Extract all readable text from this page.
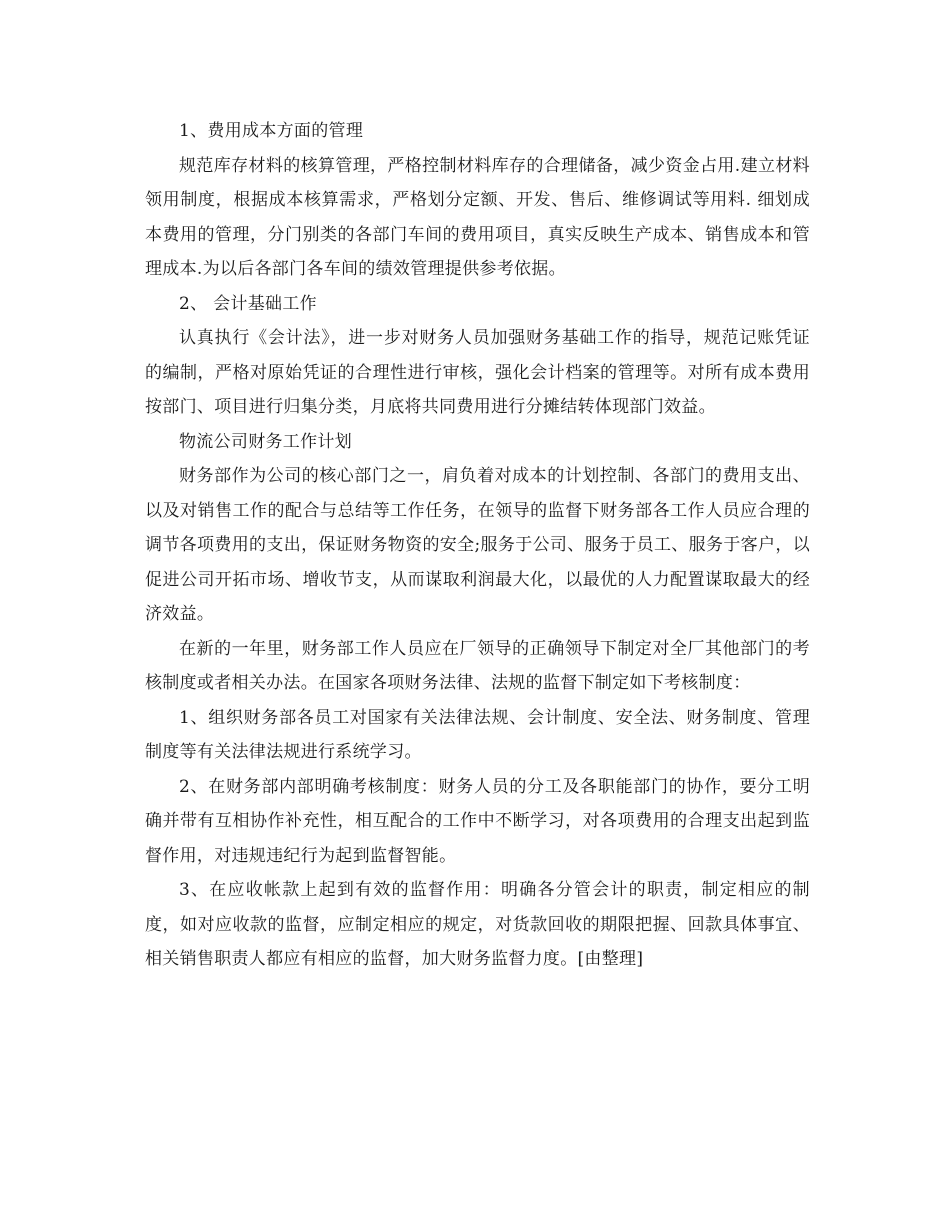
1、费用成本方面的管理

规范库存材料的核算管理，严格控制材料库存的合理储备，减少资金占用.建立材料领用制度，根据成本核算需求，严格划分定额、开发、售后、维修调试等用料. 细划成本费用的管理，分门别类的各部门车间的费用项目，真实反映生产成本、销售成本和管理成本.为以后各部门各车间的绩效管理提供参考依据。

2、 会计基础工作

认真执行《会计法》，进一步对财务人员加强财务基础工作的指导，规范记账凭证的编制，严格对原始凭证的合理性进行审核，强化会计档案的管理等。对所有成本费用按部门、项目进行归集分类，月底将共同费用进行分摊结转体现部门效益。

物流公司财务工作计划

财务部作为公司的核心部门之一，肩负着对成本的计划控制、各部门的费用支出、以及对销售工作的配合与总结等工作任务，在领导的监督下财务部各工作人员应合理的调节各项费用的支出，保证财务物资的安全;服务于公司、服务于员工、服务于客户，以促进公司开拓市场、增收节支，从而谋取利润最大化，以最优的人力配置谋取最大的经济效益。

在新的一年里，财务部工作人员应在厂领导的正确领导下制定对全厂其他部门的考核制度或者相关办法。在国家各项财务法律、法规的监督下制定如下考核制度：

1、组织财务部各员工对国家有关法律法规、会计制度、安全法、财务制度、管理制度等有关法律法规进行系统学习。

2、在财务部内部明确考核制度：财务人员的分工及各职能部门的协作，要分工明确并带有互相协作补充性，相互配合的工作中不断学习，对各项费用的合理支出起到监督作用，对违规违纪行为起到监督智能。

3、在应收帐款上起到有效的监督作用：明确各分管会计的职责，制定相应的制度，如对应收款的监督，应制定相应的规定，对货款回收的期限把握、回款具体事宜、相关销售职责人都应有相应的监督，加大财务监督力度。[由整理]
